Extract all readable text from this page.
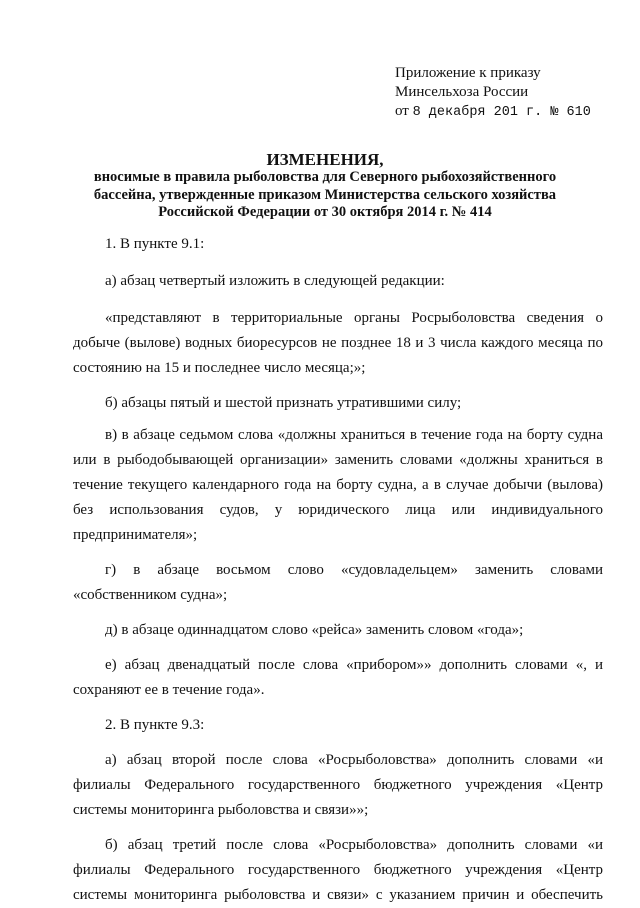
Приложение к приказу
Минсельхоза России
от 8 декабря 201 г. № 610
ИЗМЕНЕНИЯ,
вносимые в правила рыболовства для Северного рыбохозяйственного
бассейна, утвержденные приказом Министерства сельского хозяйства
Российской Федерации от 30 октября 2014 г. № 414

1. В пункте 9.1:

а) абзац четвертый изложить в следующей редакции:

«представляют в территориальные органы Росрыболовства сведения о
добыче (вылове) водных биоресурсов не позднее 18 и 3 числа каждого месяца по
состоянию на 15 и последнее число месяца;»;

б) абзацы пятый и шестой признать утратившими силу;

в) в абзаце седьмом слова «должны храниться в течение года на борту судна
или в рыбодобывающей организации» заменить словами «должны храниться в
течение текущего календарного года на борту судна, а в случае добычи (вылова)
без использования судов, у юридического лица или индивидуального
предпринимателя»;

г) в абзаце восьмом слово «судовладельцем» заменить словами
«собственником судна»;

д) в абзаце одиннадцатом слово «рейса» заменить словом «года»;

е) абзац двенадцатый после слова «прибором»» дополнить словами «, и
сохраняют ее в течение года».

2. В пункте 9.3:

а) абзац второй после слова «Росрыболовства» дополнить словами «и
филиалы Федерального государственного бюджетного учреждения «Центр
системы мониторинга рыболовства и связи»»;

б) абзац третий после слова «Росрыболовства» дополнить словами «и
филиалы Федерального государственного бюджетного учреждения «Центр
системы мониторинга рыболовства и связи» с указанием причин и обеспечить
